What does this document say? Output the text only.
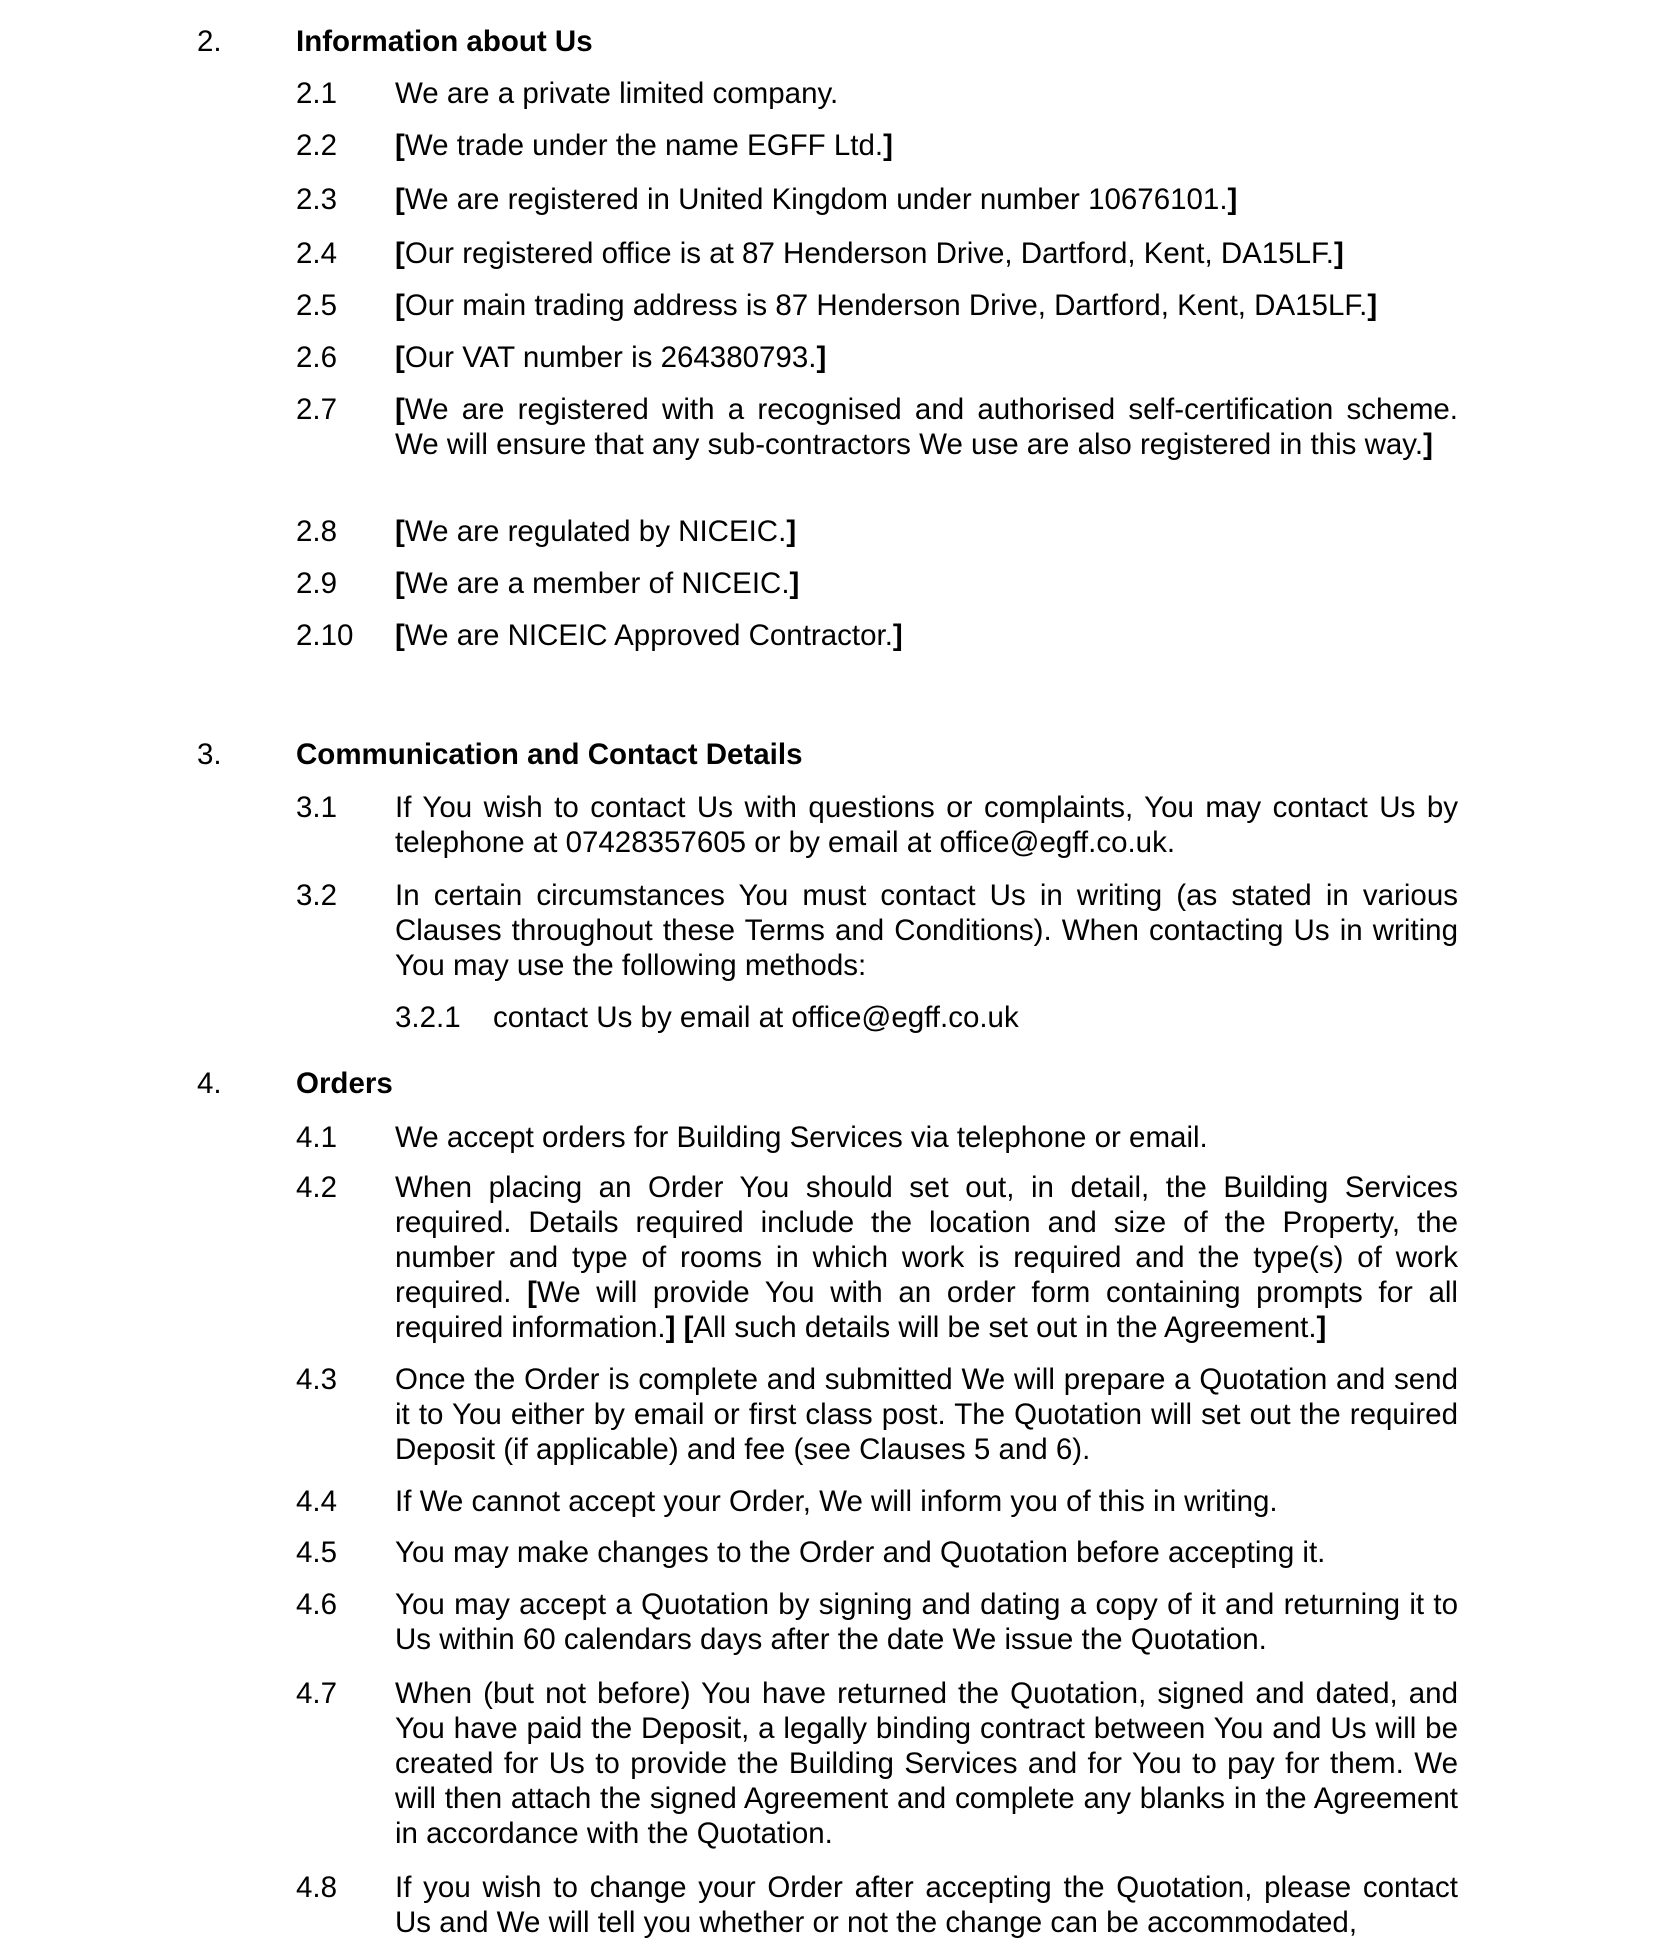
2.	Information about Us
2.1 We are a private limited company.
2.2 [We trade under the name EGFF Ltd.]
2.3 [We are registered in United Kingdom under number 10676101.]
2.4 [Our registered office is at 87 Henderson Drive, Dartford, Kent, DA15LF.]
2.5 [Our main trading address is 87 Henderson Drive, Dartford, Kent, DA15LF.]
2.6 [Our VAT number is 264380793.]
2.7 [We are registered with a recognised and authorised self-certification scheme. We will ensure that any sub-contractors We use are also registered in this way.]
2.8 [We are regulated by NICEIC.]
2.9 [We are a member of NICEIC.]
2.10 [We are NICEIC Approved Contractor.]
3.	Communication and Contact Details
3.1 If You wish to contact Us with questions or complaints, You may contact Us by telephone at 07428357605 or by email at office@egff.co.uk.
3.2 In certain circumstances You must contact Us in writing (as stated in various Clauses throughout these Terms and Conditions). When contacting Us in writing You may use the following methods:
3.2.1 contact Us by email at office@egff.co.uk
4.	Orders
4.1 We accept orders for Building Services via telephone or email.
4.2 When placing an Order You should set out, in detail, the Building Services required. Details required include the location and size of the Property, the number and type of rooms in which work is required and the type(s) of work required. [We will provide You with an order form containing prompts for all required information.] [All such details will be set out in the Agreement.]
4.3 Once the Order is complete and submitted We will prepare a Quotation and send it to You either by email or first class post. The Quotation will set out the required Deposit (if applicable) and fee (see Clauses 5 and 6).
4.4 If We cannot accept your Order, We will inform you of this in writing.
4.5 You may make changes to the Order and Quotation before accepting it.
4.6 You may accept a Quotation by signing and dating a copy of it and returning it to Us within 60 calendars days after the date We issue the Quotation.
4.7 When (but not before) You have returned the Quotation, signed and dated, and You have paid the Deposit, a legally binding contract between You and Us will be created for Us to provide the Building Services and for You to pay for them. We will then attach the signed Agreement and complete any blanks in the Agreement in accordance with the Quotation.
4.8 If you wish to change your Order after accepting the Quotation, please contact Us and We will tell you whether or not the change can be accommodated,
